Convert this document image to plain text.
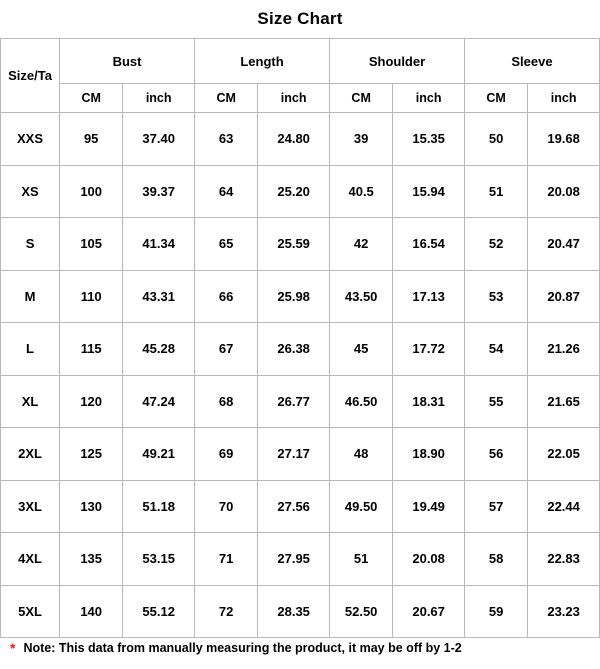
Size Chart
Size/Ta	Bust		Length		Shoulder		Sleeve	
	CM	inch	CM	inch	CM	inch	CM	inch
XXS	95	37.40	63	24.80	39	15.35	50	19.68
XS	100	39.37	64	25.20	40.5	15.94	51	20.08
S	105	41.34	65	25.59	42	16.54	52	20.47
M	110	43.31	66	25.98	43.50	17.13	53	20.87
L	115	45.28	67	26.38	45	17.72	54	21.26
XL	120	47.24	68	26.77	46.50	18.31	55	21.65
2XL	125	49.21	69	27.17	48	18.90	56	22.05
3XL	130	51.18	70	27.56	49.50	19.49	57	22.44
4XL	135	53.15	71	27.95	51	20.08	58	22.83
5XL	140	55.12	72	28.35	52.50	20.67	59	23.23
* Note: This data from manually measuring the product, it may be off by 1-2
